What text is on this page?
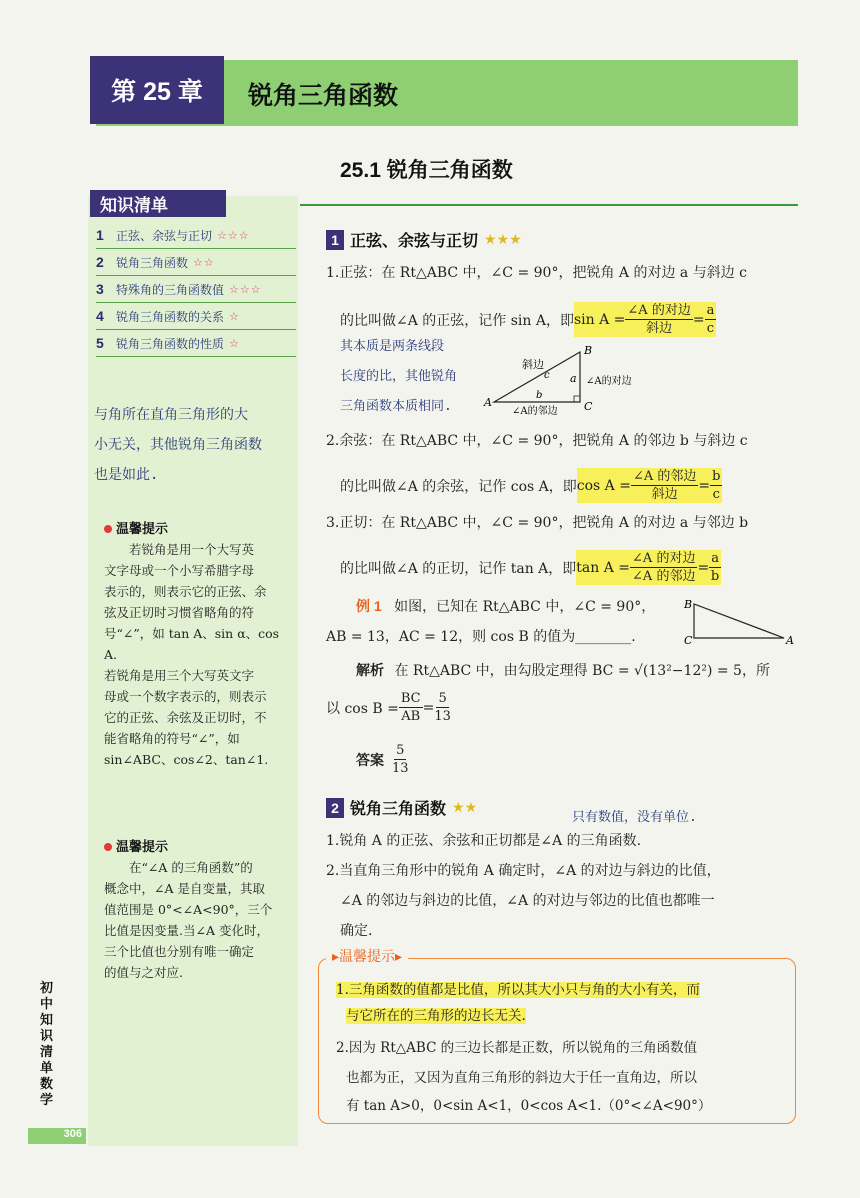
第 25 章	锐角三角函数
25.1 锐角三角函数
知识清单
1	正弦、余弦与正切 ☆☆☆
2	锐角三角函数 ☆☆
3	特殊角的三角函数值 ☆☆☆
4	锐角三角函数的关系 ☆
5	锐角三角函数的性质 ☆
与角所在直角三角形的大
小无关，其他锐角三角函数
也是如此.
温馨提示
若锐角是用一个大写英
文字母或一个小写希腊字母
表示的，则表示它的正弦、余
弦及正切时习惯省略角的符
号“∠”，如 tan A、sin α、cos A.
若锐角是用三个大写英文字
母或一个数字表示的，则表示
它的正弦、余弦及正切时，不
能省略角的符号“∠”，如
sin∠ABC、cos∠2、tan∠1.
温馨提示
在“∠A 的三角函数”的
概念中，∠A 是自变量，其取
值范围是 0°<∠A<90°，三个
比值是因变量.当∠A 变化时，
三个比值也分别有唯一确定
的值与之对应.
初中知识清单 数学
306
1 正弦、余弦与正切 ★★★
1.正弦：在 Rt△ABC 中，∠C = 90°，把锐角 A 的对边 a 与斜边 c
的比叫做∠A 的正弦，记作 sin A，即 $\sin A = \frac{\text{∠A 的对边}}{\text{斜边}} = \frac{a}{c}$
其本质是两条线段
长度的比，其他锐角
三角函数本质相同.
B
A	C
斜边
c a ∠A的对边
b
∠A的邻边
2.余弦：在 Rt△ABC 中，∠C = 90°，把锐角 A 的邻边 b 与斜边 c
的比叫做∠A 的余弦，记作 cos A，即 $\cos A = \frac{\text{∠A 的邻边}}{\text{斜边}} = \frac{b}{c}$
3.正切：在 Rt△ABC 中，∠C = 90°，把锐角 A 的对边 a 与邻边 b
的比叫做∠A 的正切，记作 tan A，即 $\tan A = \frac{\text{∠A 的对边}}{\text{∠A 的邻边}} = \frac{a}{b}$
例 1 如图，已知在 Rt△ABC 中，∠C = 90°，
AB = 13，AC = 12，则 cos B 的值为________.
B
C	A
解析 在 Rt△ABC 中，由勾股定理得 BC = √(13²−12²) = 5，所
以 $\cos B = \frac{BC}{AB} = \frac{5}{13}$
答案 $\frac{5}{13}$
2 锐角三角函数 ★★
只有数值，没有单位.
1.锐角 A 的正弦、余弦和正切都是∠A 的三角函数.
2.当直角三角形中的锐角 A 确定时，∠A 的对边与斜边的比值，
∠A 的邻边与斜边的比值，∠A 的对边与邻边的比值也都唯一
确定.
▸温馨提示▸
1.三角函数的值都是比值，所以其大小只与角的大小有关，而
与它所在的三角形的边长无关.
2.因为 Rt△ABC 的三边长都是正数，所以锐角的三角函数值
也都为正，又因为直角三角形的斜边大于任一直角边，所以
有 tan A>0，0<sin A<1，0<cos A<1.（0°<∠A<90°）
